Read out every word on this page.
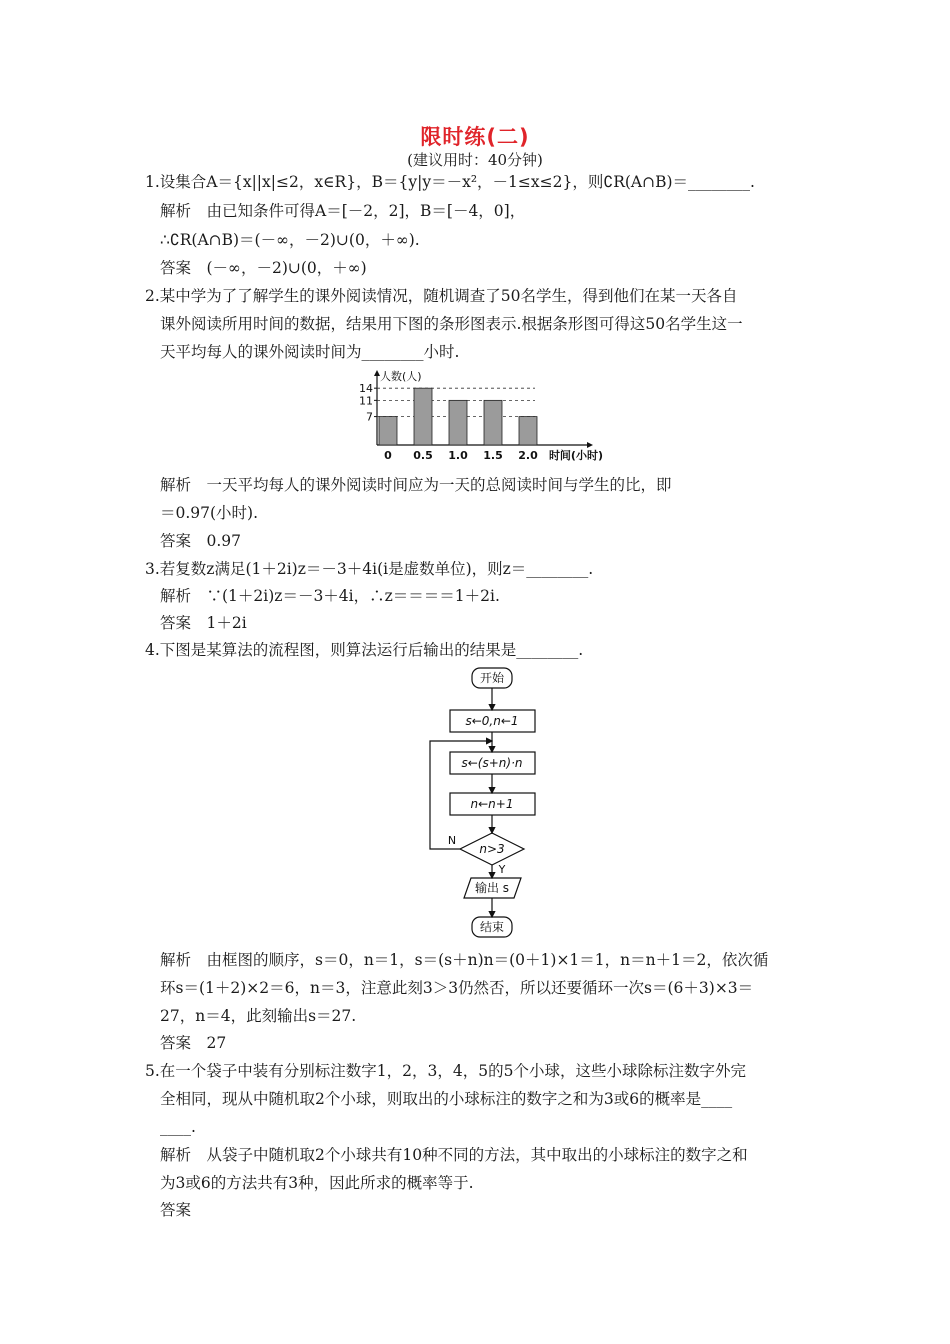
限时练(二)
(建议用时：40分钟)
1.设集合A＝{x||x|≤2，x∈R}，B＝{y|y＝－x²，－1≤x≤2}，则∁R(A∩B)＝________.
解析　由已知条件可得A＝[－2，2]，B＝[－4，0]，
∴∁R(A∩B)＝(－∞，－2)∪(0，＋∞).
答案　(－∞，－2)∪(0，＋∞)
2.某中学为了了解学生的课外阅读情况，随机调查了50名学生，得到他们在某一天各自
课外阅读所用时间的数据，结果用下图的条形图表示.根据条形图可得这50名学生这一
天平均每人的课外阅读时间为________小时.
人数(人)
7
11
14
0 0.5 1.0 1.5 2.0 时间(小时)
解析　一天平均每人的课外阅读时间应为一天的总阅读时间与学生的比，即
＝0.97(小时).
答案　0.97
3.若复数z满足(1＋2i)z＝－3＋4i(i是虚数单位)，则z＝________.
解析　∵(1＋2i)z＝－3＋4i，∴z＝＝＝＝1＋2i.
答案　1＋2i
4.下图是某算法的流程图，则算法运行后输出的结果是________.
开始
s←0,n←1
s←(s+n)·n
n←n+1
n>3
N
Y
输出 s
结束
解析　由框图的顺序，s＝0，n＝1，s＝(s＋n)n＝(0＋1)×1＝1，n＝n＋1＝2，依次循
环s＝(1＋2)×2＝6，n＝3，注意此刻3＞3仍然否，所以还要循环一次s＝(6＋3)×3＝
27，n＝4，此刻输出s＝27.
答案　27
5.在一个袋子中装有分别标注数字1，2，3，4，5的5个小球，这些小球除标注数字外完
全相同，现从中随机取2个小球，则取出的小球标注的数字之和为3或6的概率是____
____.
解析　从袋子中随机取2个小球共有10种不同的方法，其中取出的小球标注的数字之和
为3或6的方法共有3种，因此所求的概率等于.
答案
